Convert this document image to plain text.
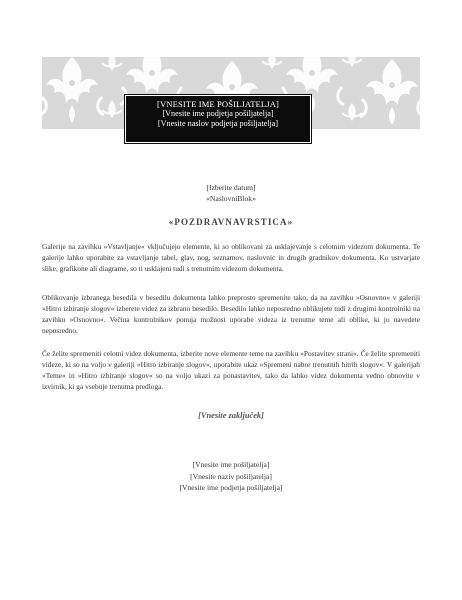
[VNESITE IME POŠILJATELJA]
[Vnesite ime podjetja pošiljatelja]
[Vnesite naslov podjetja pošiljatelja]
[Izberite datum]
«NaslovniBlok»
«POZDRAVNAVRSTICA»
Galerije na zavihku »Vstavljanje« vključujejo elemente, ki so oblikovani za usklajevanje s celotnim videzom dokumenta. Te galerije lahko uporabite za vstavljanje tabel, glav, nog, seznamov, naslovnic in drugih gradnikov dokumenta. Ko ustvarjate slike, grafikone ali diagrame, so ti usklajeni tudi s trenutnim videzom dokumenta.
Oblikovanje izbranega besedila v besedilu dokumenta lahko preprosto spremenite tako, da na zavihku »Osnovno« v galeriji »Hitro izbiranje slogov« izberete videz za izbrano besedilo. Besedilo lahko neposredno oblikujete tudi z drugimi kontrolniki na zavihku »Osnovno«. Večina kontrolnikov ponuja možnost uporabe videza iz trenutne teme ali oblike, ki jo navedete neposredno.
Če želite spremeniti celotni videz dokumenta, izberite nove elemente teme na zavihku »Postavitev strani«. Če želite spremeniti videze, ki so na voljo v galeriji »Hitro izbiranje slogov«, uporabite ukaz »Spremeni nabor trenutnih hitrih slogov«. V galerijah »Teme« in »Hitro izbiranje slogov« so na voljo ukazi za ponastavitev, tako da lahko videz dokumenta vedno obnovite v izvirnik, ki ga vsebuje trenutna predloga.
[Vnesite zaključek]
[Vnesite ime pošiljatelja]
[Vnesite naziv pošiljatelja]
[Vnesite ime podjetja pošiljatelja]
